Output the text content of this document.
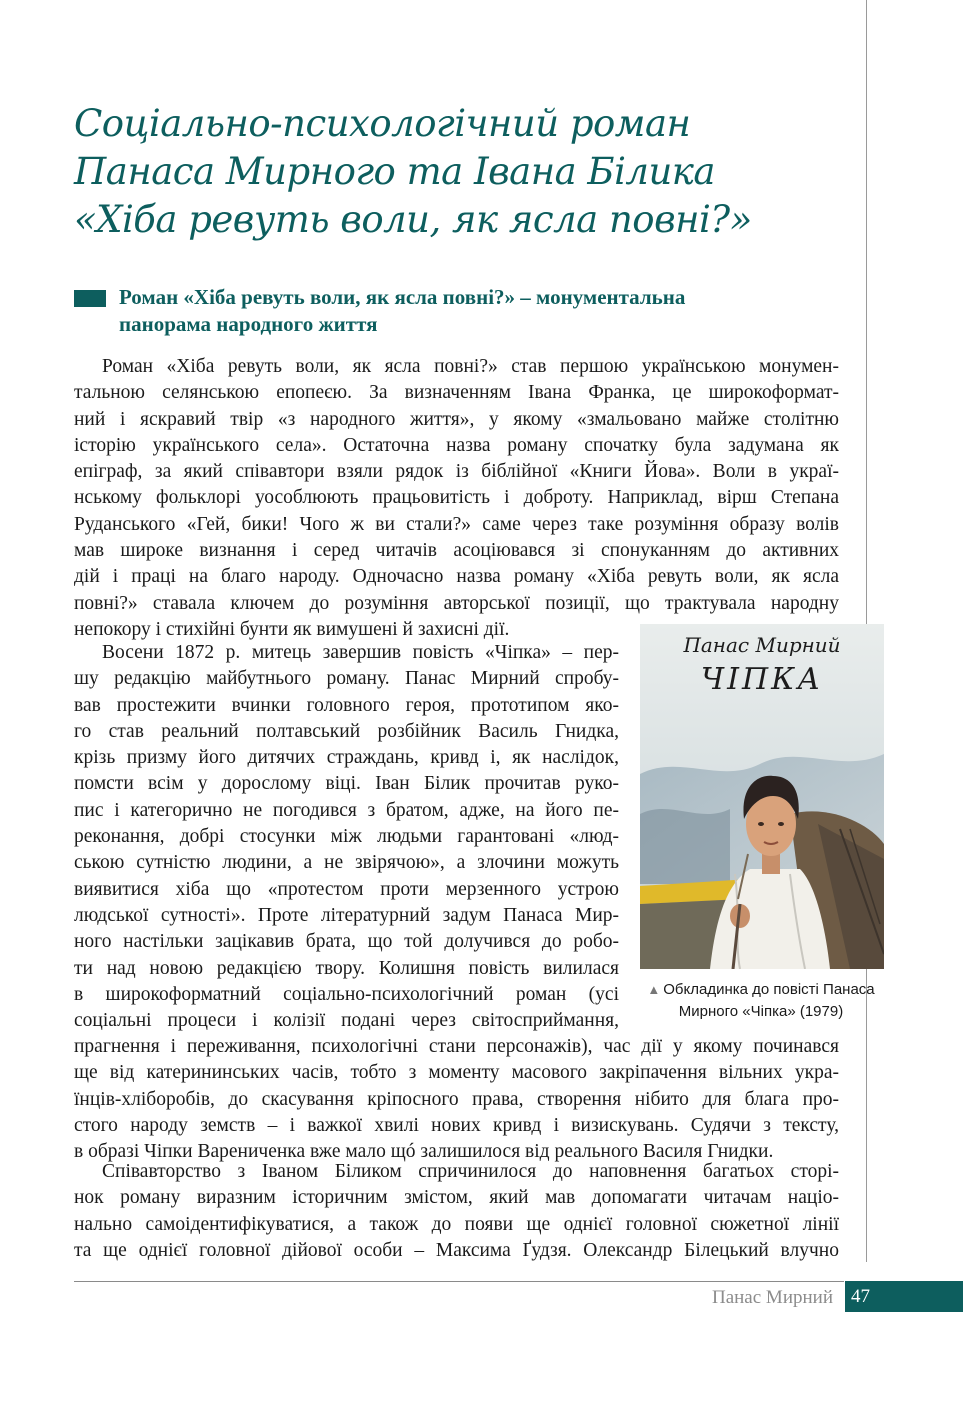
Соціально-психологічний роман
Панаса Мирного та Івана Білика
«Хіба ревуть воли, як ясла повні?»
Роман «Хіба ревуть воли, як ясла повні?» – монументальна
панорама народного життя
Роман «Хіба ревуть воли, як ясла повні?» став першою українською монумен-
тальною селянською епопеєю. За визначенням Івана Франка, це широкоформат-
ний і яскравий твір «з народного життя», у якому «змальовано майже столітню
історію українського села». Остаточна назва роману спочатку була задумана як
епіграф, за який співавтори взяли рядок із біблійної «Книги Йова». Воли в украї-
нському фольклорі уособлюють працьовитість і доброту. Наприклад, вірш Степана
Руданського «Гей, бики! Чого ж ви стали?» саме через таке розуміння образу волів
мав широке визнання і серед читачів асоціювався зі спонуканням до активних
дій і праці на благо народу. Одночасно назва роману «Хіба ревуть воли, як ясла
повні?» ставала ключем до розуміння авторської позиції, що трактувала народну
непокору і стихійні бунти як вимушені й захисні дії.
Восени 1872 р. митець завершив повість «Чіпка» – пер-
шу редакцію майбутнього роману. Панас Мирний спробу-
вав простежити вчинки головного героя, прототипом яко-
го став реальний полтавський розбійник Василь Гнидка,
крізь призму його дитячих страждань, кривд і, як наслідок,
помсти всім у дорослому віці. Іван Білик прочитав руко-
пис і категорично не погодився з братом, адже, на його пе-
реконання, добрі стосунки між людьми гарантовані «люд-
ською сутністю людини, а не звірячою», а злочини можуть
виявитися хіба що «протестом проти мерзенного устрою
людської сутності». Проте літературний задум Панаса Мир-
ного настільки зацікавив брата, що той долучився до робо-
ти над новою редакцією твору. Колишня повість вилилася
в широкоформатний соціально-психологічний роман (усі
соціальні процеси і колізії подані через світосприймання,
прагнення і переживання, психологічні стани персонажів), час дії у якому починався
ще від катерининських часів, тобто з моменту масового закріпачення вільних укра-
їнців-хліборобів, до скасування кріпосного права, створення нібито для блага про-
стого народу земств – і важкої хвилі нових кривд і визискувань. Судячи з тексту,
в образі Чіпки Варениченка вже мало щó залишилося від реального Василя Гнидки.
Співавторство з Іваном Біликом спричинилося до наповнення багатьох сторі-
нок роману виразним історичним змістом, який мав допомагати читачам націо-
нально самоідентифікуватися, а також до появи ще однієї головної сюжетної лінії
та ще однієї головної дійової особи – Максима Ґудзя. Олександр Білецький влучно
Панас Мирний
ЧІПКА
▲ Обкладинка до повісті Панаса
Мирного «Чіпка» (1979)
Панас Мирний 47
